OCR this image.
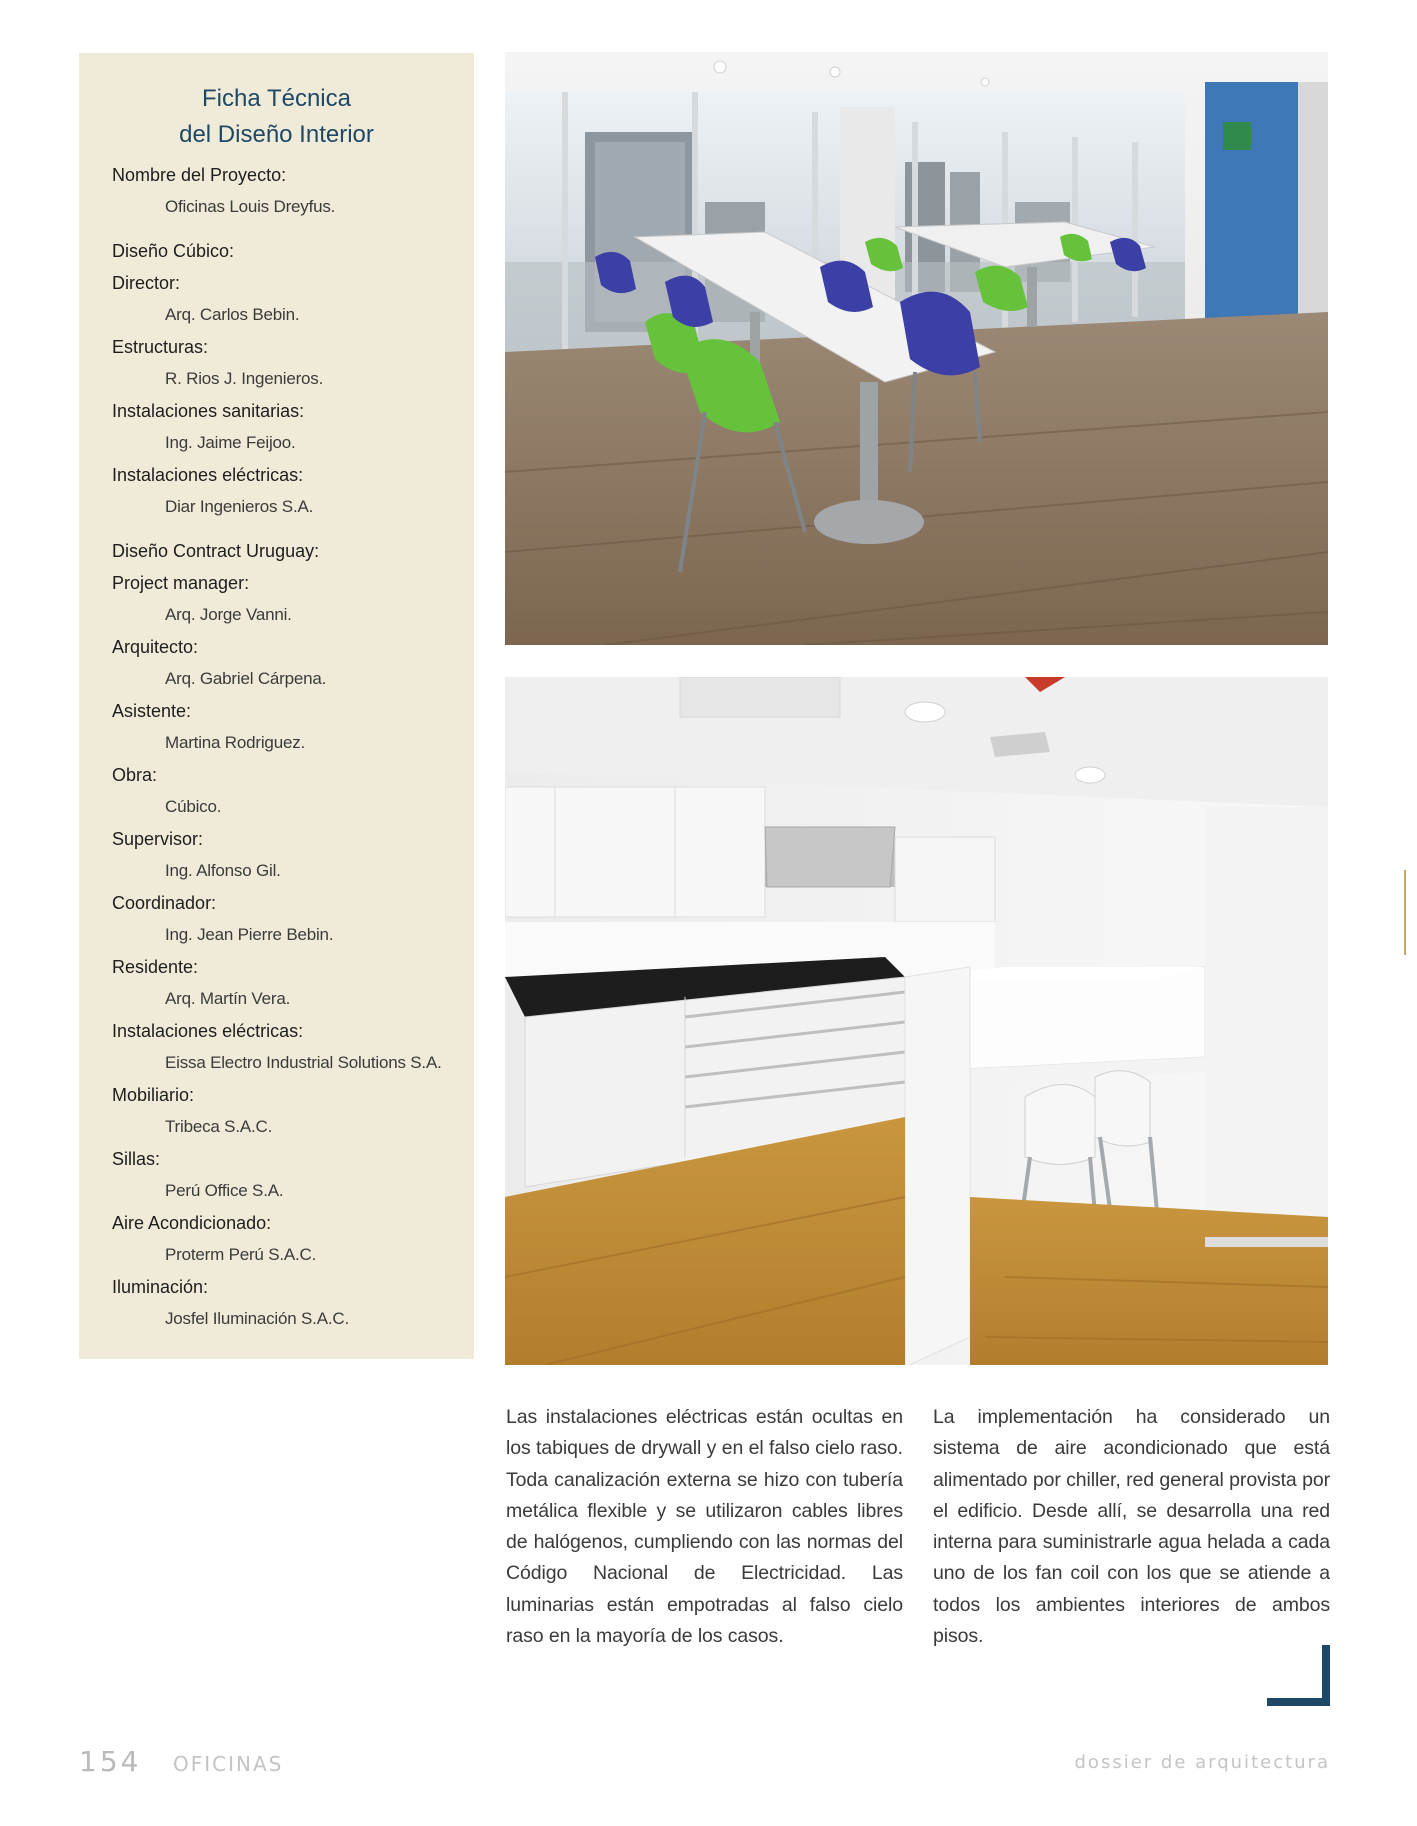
Ficha Técnica
del Diseño Interior
Nombre del Proyecto:
Oficinas Louis Dreyfus.
Diseño Cúbico:
Director:
Arq. Carlos Bebin.
Estructuras:
R. Rios J. Ingenieros.
Instalaciones sanitarias:
Ing. Jaime Feijoo.
Instalaciones eléctricas:
Diar Ingenieros S.A.
Diseño Contract Uruguay:
Project manager:
Arq. Jorge Vanni.
Arquitecto:
Arq. Gabriel Cárpena.
Asistente:
Martina Rodriguez.
Obra:
Cúbico.
Supervisor:
Ing. Alfonso Gil.
Coordinador:
Ing. Jean Pierre Bebin.
Residente:
Arq. Martín Vera.
Instalaciones eléctricas:
Eissa Electro Industrial Solutions S.A.
Mobiliario:
Tribeca S.A.C.
Sillas:
Perú Office S.A.
Aire Acondicionado:
Proterm Perú S.A.C.
Iluminación:
Josfel Iluminación S.A.C.

Las instalaciones eléctricas están ocultas en los tabiques de drywall y en el falso cielo raso. Toda canalización externa se hizo con tubería metálica flexible y se utilizaron cables libres de halógenos, cumpliendo con las normas del Código Nacional de Electricidad. Las luminarias están empotradas al falso cielo raso en la mayoría de los casos.

La implementación ha considerado un sistema de aire acondicionado que está alimentado por chiller, red general provista por el edificio. Desde allí, se desarrolla una red interna para suministrarle agua helada a cada uno de los fan coil con los que se atiende a todos los ambientes interiores de ambos pisos.

154 OFICINAS	dossier de arquitectura
